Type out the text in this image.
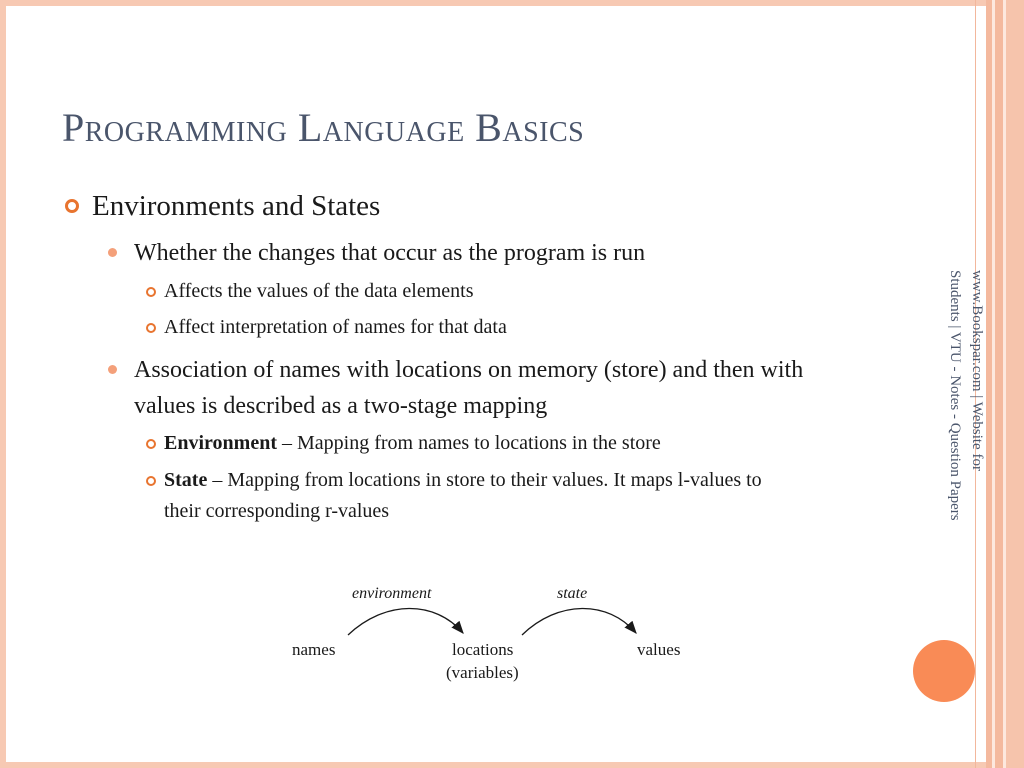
Programming Language Basics
Environments and States
Whether the changes that occur as the program is run
Affects the values of the data elements
Affect interpretation of names for that data
Association of names with locations on memory (store) and then with
values is described as a two-stage mapping
Environment – Mapping from names to locations in the store
State – Mapping from locations in store to their values. It maps l-values to
their corresponding r-values
www.Bookspar.com | Website for
Students | VTU - Notes - Question Papers
environment	state
names	locations
(variables)
values
